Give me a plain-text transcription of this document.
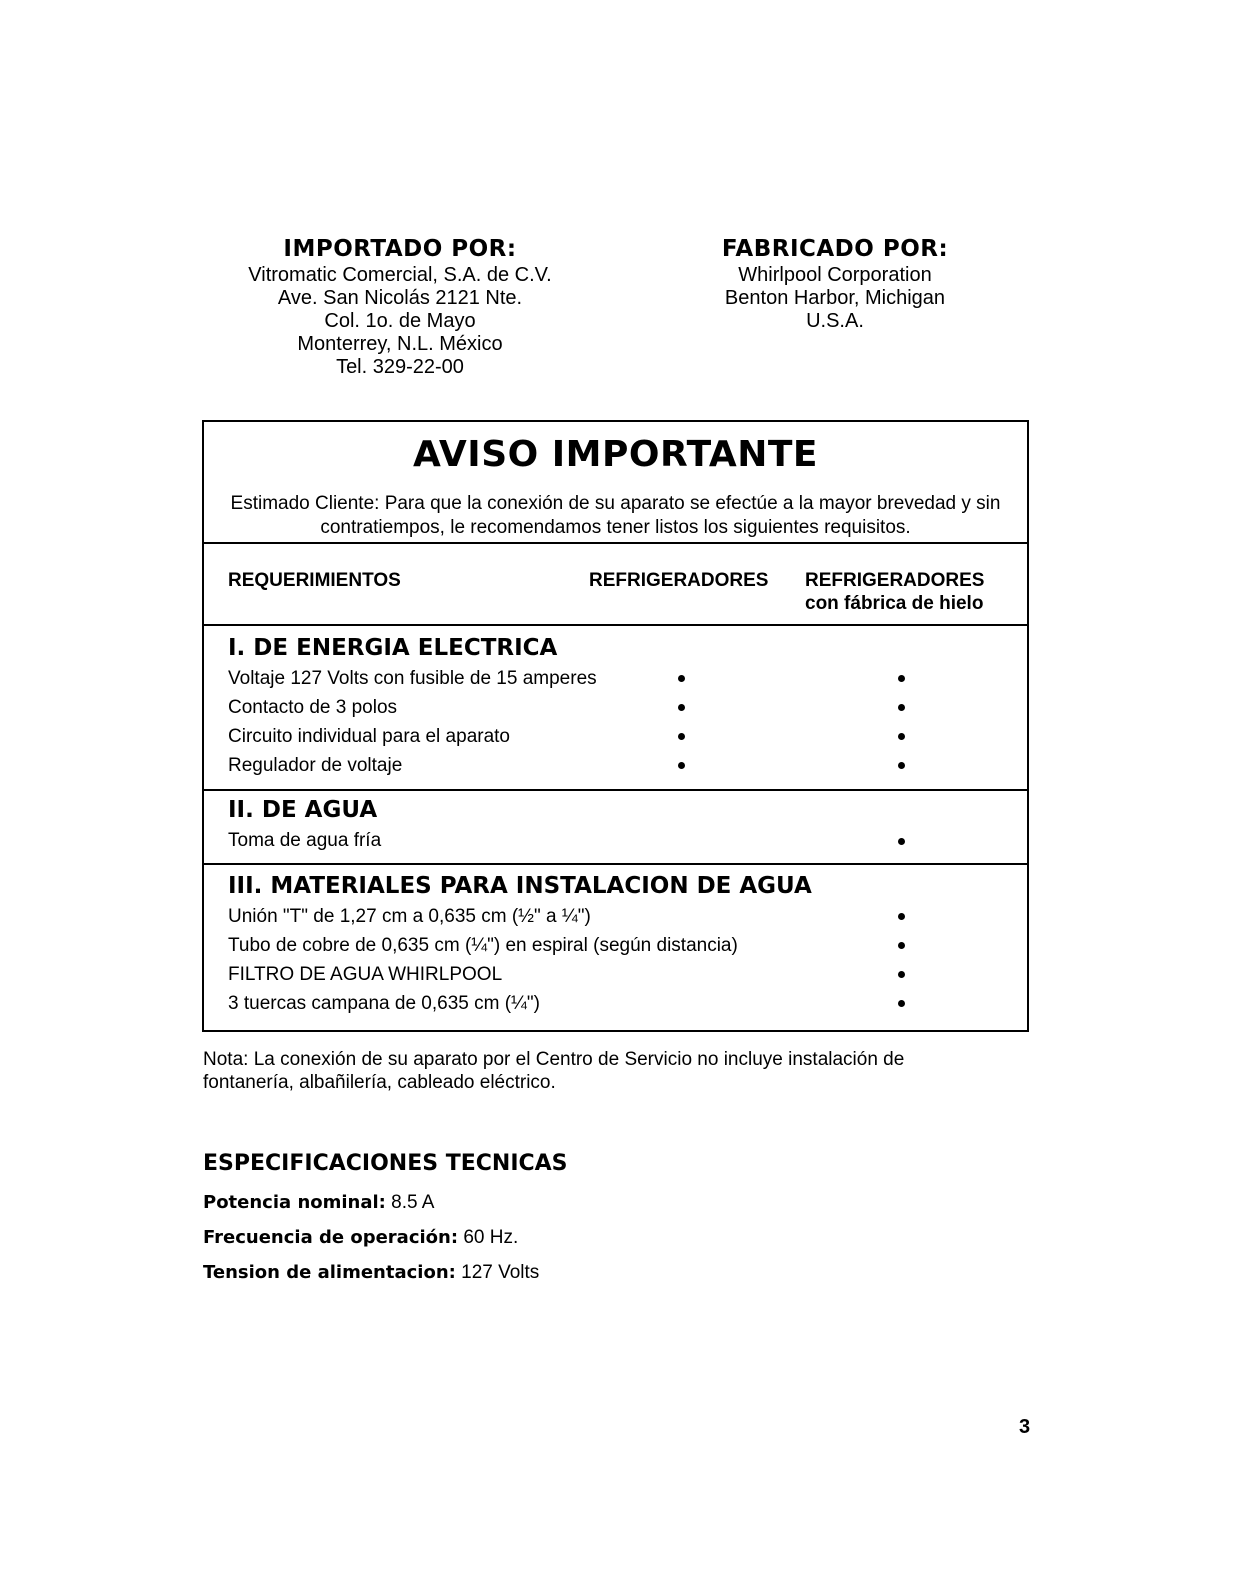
IMPORTADO POR:
Vitromatic Comercial, S.A. de C.V.
Ave. San Nicolás 2121 Nte.
Col. 1o. de Mayo
Monterrey, N.L. México
Tel. 329-22-00
FABRICADO POR:
Whirlpool Corporation
Benton Harbor, Michigan
U.S.A.
AVISO IMPORTANTE
Estimado Cliente: Para que la conexión de su aparato se efectúe a la mayor brevedad y sin
contratiempos, le recomendamos tener listos los siguientes requisitos.
REQUERIMIENTOS	REFRIGERADORES REFRIGERADORES
con fábrica de hielo
I. DE ENERGIA ELECTRICA
Voltaje 127 Volts con fusible de 15 amperes
Contacto de 3 polos
Circuito individual para el aparato
Regulador de voltaje
II. DE AGUA
Toma de agua fría
III. MATERIALES PARA INSTALACION DE AGUA
Unión "T" de 1,27 cm a 0,635 cm (½" a ¼")
Tubo de cobre de 0,635 cm (¼") en espiral (según distancia)
FILTRO DE AGUA WHIRLPOOL
3 tuercas campana de 0,635 cm (¼")
Nota: La conexión de su aparato por el Centro de Servicio no incluye instalación de
fontanería, albañilería, cableado eléctrico.
ESPECIFICACIONES TECNICAS
Potencia nominal: 8.5 A
Frecuencia de operación: 60 Hz.
Tension de alimentacion: 127 Volts
3
